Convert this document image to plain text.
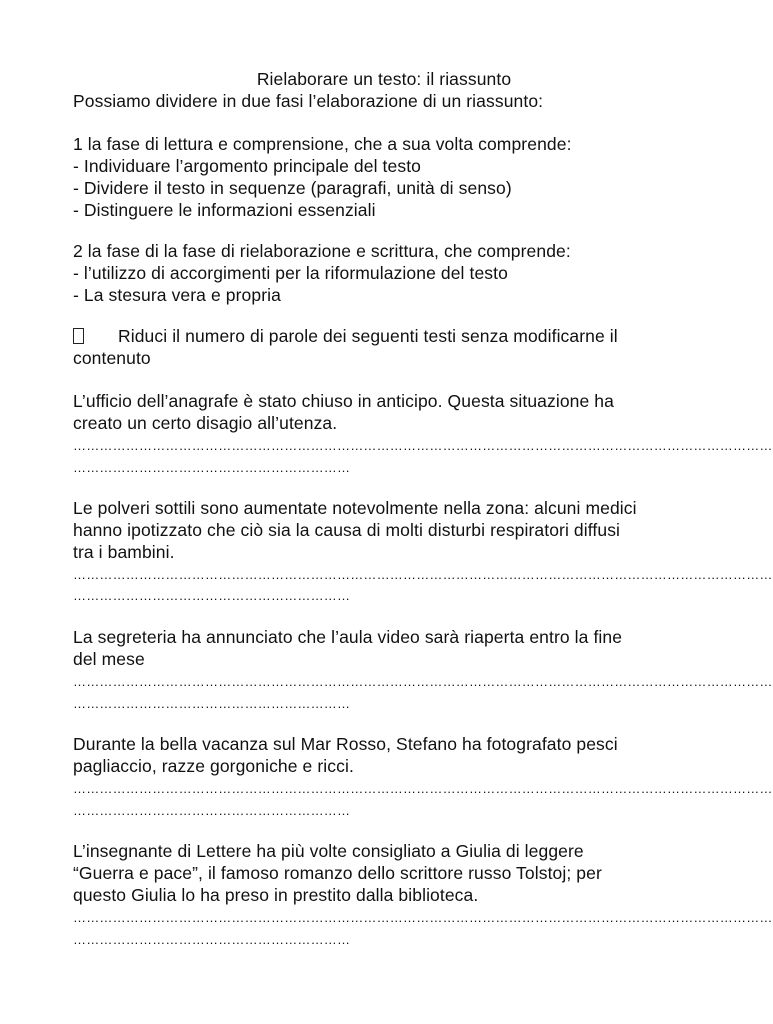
Rielaborare un testo: il riassunto
Possiamo dividere in due fasi l’elaborazione di un riassunto:
1 la fase di lettura e comprensione, che a sua volta comprende:
- Individuare l’argomento principale del testo
- Dividere il testo in sequenze (paragrafi, unità di senso)
- Distinguere le informazioni essenziali
2 la fase di la fase di rielaborazione e scrittura, che comprende:
- l’utilizzo di accorgimenti per la riformulazione del testo
- La stesura vera e propria
Riduci il numero di parole dei seguenti testi senza modificarne il
contenuto
L’ufficio dell’anagrafe è stato chiuso in anticipo. Questa situazione ha
creato un certo disagio all’utenza.
……………………………………………………………………………………………………………………………………………
………………………………………………………
Le polveri sottili sono aumentate notevolmente nella zona: alcuni medici
hanno ipotizzato che ciò sia la causa di molti disturbi respiratori diffusi
tra i bambini.
……………………………………………………………………………………………………………………………………………
………………………………………………………
La segreteria ha annunciato che l’aula video sarà riaperta entro la fine
del mese
……………………………………………………………………………………………………………………………………………
………………………………………………………
Durante la bella vacanza sul Mar Rosso, Stefano ha fotografato pesci
pagliaccio, razze gorgoniche e ricci.
……………………………………………………………………………………………………………………………………………
………………………………………………………
L’insegnante di Lettere ha più volte consigliato a Giulia di leggere
“Guerra e pace”, il famoso romanzo dello scrittore russo Tolstoj; per
questo Giulia lo ha preso in prestito dalla biblioteca.
……………………………………………………………………………………………………………………………………………
………………………………………………………
